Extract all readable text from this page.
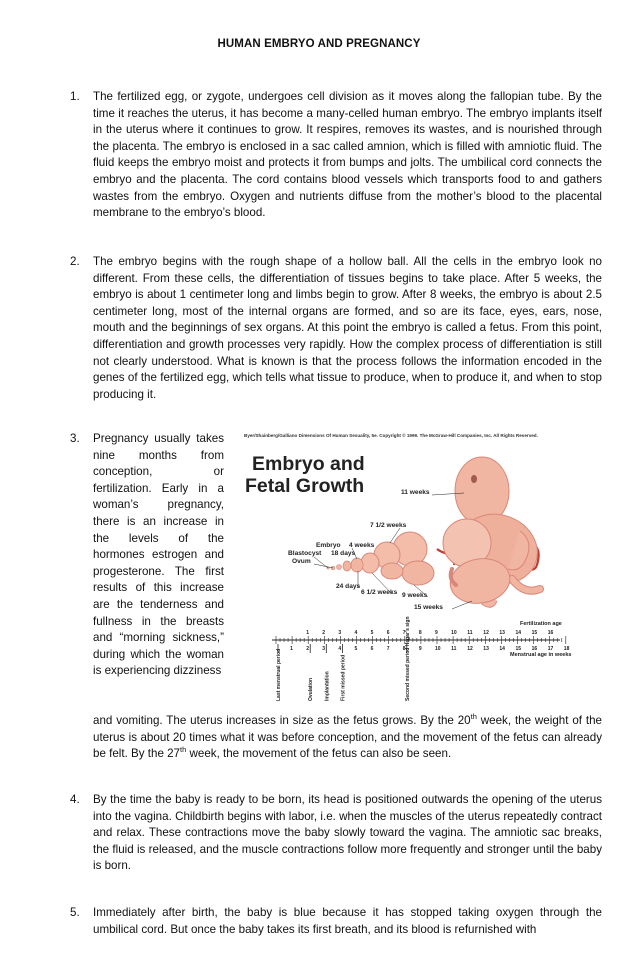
HUMAN EMBRYO AND PREGNANCY
1.	The fertilized egg, or zygote, undergoes cell division as it moves along the fallopian tube. By the time it reaches the uterus, it has become a many-celled human embryo. The embryo implants itself in the uterus where it continues to grow. It respires, removes its wastes, and is nourished through the placenta. The embryo is enclosed in a sac called amnion, which is filled with amniotic fluid. The fluid keeps the embryo moist and protects it from bumps and jolts. The umbilical cord connects the embryo and the placenta. The cord contains blood vessels which transports food to and gathers wastes from the embryo. Oxygen and nutrients diffuse from the mother’s blood to the placental membrane to the embryo’s blood.
2.	The embryo begins with the rough shape of a hollow ball. All the cells in the embryo look no different. From these cells, the differentiation of tissues begins to take place. After 5 weeks, the embryo is about 1 centimeter long and limbs begin to grow. After 8 weeks, the embryo is about 2.5 centimeter long, most of the internal organs are formed, and so are its face, eyes, ears, nose, mouth and the beginnings of sex organs. At this point the embryo is called a fetus. From this point, differentiation and growth processes very rapidly. How the complex process of differentiation is still not clearly understood. What is known is that the process follows the information encoded in the genes of the fertilized egg, which tells what tissue to produce, when to produce it, and when to stop producing it.
3.	Pregnancy usually takes nine months from conception, or fertilization. Early in a woman’s pregnancy, there is an increase in the levels of the hormones estrogen and progesterone. The first results of this increase are the tenderness and fullness in the breasts and “morning sickness,” during which the woman is experiencing dizziness
and vomiting. The uterus increases in size as the fetus grows. By the 20th week, the weight of the uterus is about 20 times what it was before conception, and the movement of the fetus can already be felt. By the 27th week, the movement of the fetus can also be seen.
Byer/Shainberg/Galliano Dimensions Of Human Sexuality, 5e. Copyright © 1999. The McGraw-Hill Companies, Inc. All Rights Reserved.
Embryo and
Fetal Growth	11 weeks
7 1/2 weeks
Embryo 4 weeks
Blastocyst 18 days
Ovum
24 days
6 1/2 weeks 9 weeks
15 weeks
Fertilization age
1	2	3	4	5	6	7	8	9	10 11 12 13 14 15 16
1	2	3	4	5	6	7	8	9	10 11 12 13 14 15 16 17 18
Menstrual age in weeks
Last menstrual period	Ovulation Implantation First missed period	Second missed period Hegar's sign
4.	By the time the baby is ready to be born, its head is positioned outwards the opening of the uterus into the vagina. Childbirth begins with labor, i.e. when the muscles of the uterus repeatedly contract and relax. These contractions move the baby slowly toward the vagina. The amniotic sac breaks, the fluid is released, and the muscle contractions follow more frequently and stronger until the baby is born.
5.	Immediately after birth, the baby is blue because it has stopped taking oxygen through the umbilical cord. But once the baby takes its first breath, and its blood is refurnished with
